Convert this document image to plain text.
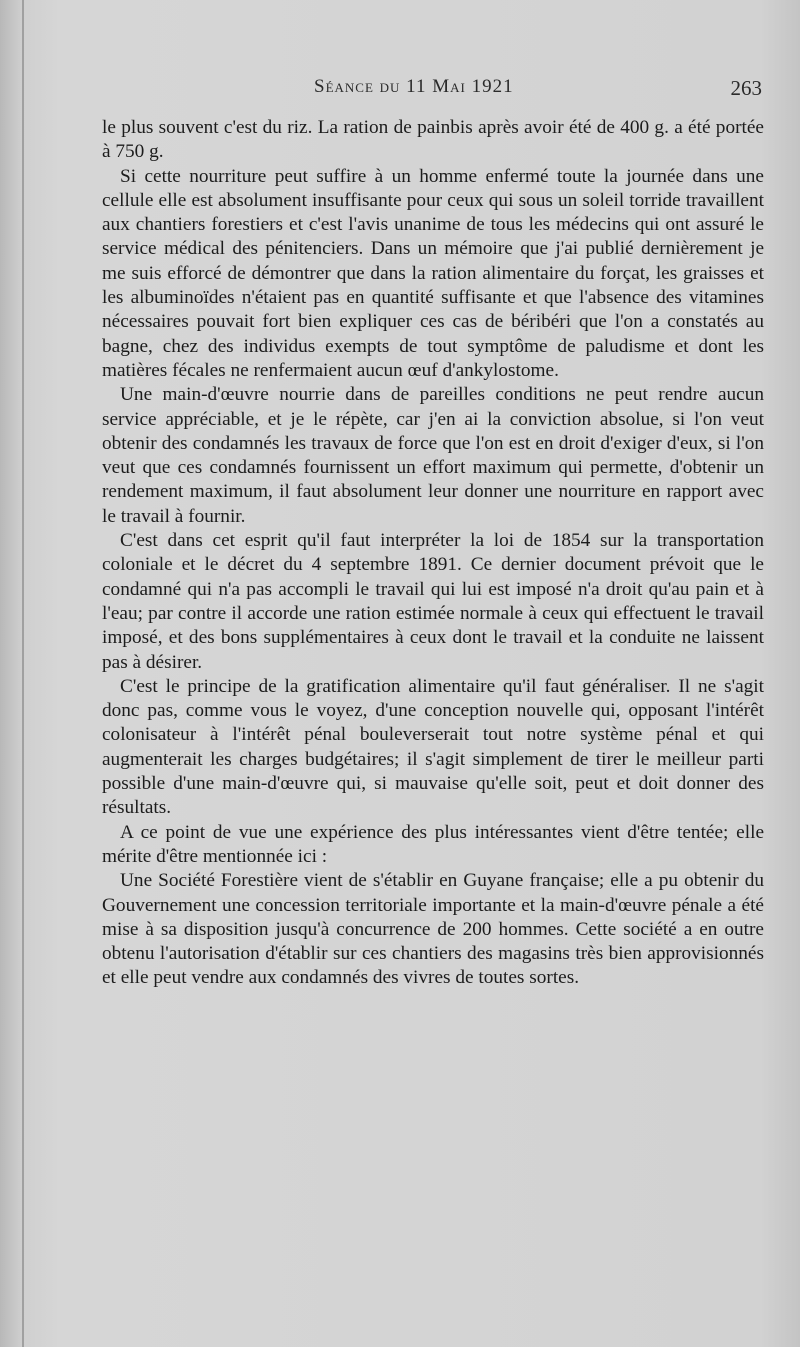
Séance du 11 Mai 1921	263

le plus souvent c'est du riz. La ration de painbis après avoir été de 400 g. a été portée à 750 g.

Si cette nourriture peut suffire à un homme enfermé toute la journée dans une cellule elle est absolument insuffisante pour ceux qui sous un soleil torride travaillent aux chantiers forestiers et c'est l'avis unanime de tous les médecins qui ont assuré le service médical des pénitenciers. Dans un mémoire que j'ai publié dernièrement je me suis efforcé de démontrer que dans la ration alimentaire du forçat, les graisses et les albuminoïdes n'étaient pas en quantité suffisante et que l'absence des vitamines nécessaires pouvait fort bien expliquer ces cas de béribéri que l'on a constatés au bagne, chez des individus exempts de tout symptôme de paludisme et dont les matières fécales ne renfermaient aucun œuf d'ankylostome.

Une main-d'œuvre nourrie dans de pareilles conditions ne peut rendre aucun service appréciable, et je le répète, car j'en ai la conviction absolue, si l'on veut obtenir des condamnés les travaux de force que l'on est en droit d'exiger d'eux, si l'on veut que ces condamnés fournissent un effort maximum qui permette, d'obtenir un rendement maximum, il faut absolument leur donner une nourriture en rapport avec le travail à fournir.

C'est dans cet esprit qu'il faut interpréter la loi de 1854 sur la transportation coloniale et le décret du 4 septembre 1891. Ce dernier document prévoit que le condamné qui n'a pas accompli le travail qui lui est imposé n'a droit qu'au pain et à l'eau; par contre il accorde une ration estimée normale à ceux qui effectuent le travail imposé, et des bons supplémentaires à ceux dont le travail et la conduite ne laissent pas à désirer.

C'est le principe de la gratification alimentaire qu'il faut généraliser. Il ne s'agit donc pas, comme vous le voyez, d'une conception nouvelle qui, opposant l'intérêt colonisateur à l'intérêt pénal bouleverserait tout notre système pénal et qui augmenterait les charges budgétaires; il s'agit simplement de tirer le meilleur parti possible d'une main-d'œuvre qui, si mauvaise qu'elle soit, peut et doit donner des résultats.

A ce point de vue une expérience des plus intéressantes vient d'être tentée; elle mérite d'être mentionnée ici :

Une Société Forestière vient de s'établir en Guyane française; elle a pu obtenir du Gouvernement une concession territoriale importante et la main-d'œuvre pénale a été mise à sa disposition jusqu'à concurrence de 200 hommes. Cette société a en outre obtenu l'autorisation d'établir sur ces chantiers des magasins très bien approvisionnés et elle peut vendre aux condamnés des vivres de toutes sortes.
